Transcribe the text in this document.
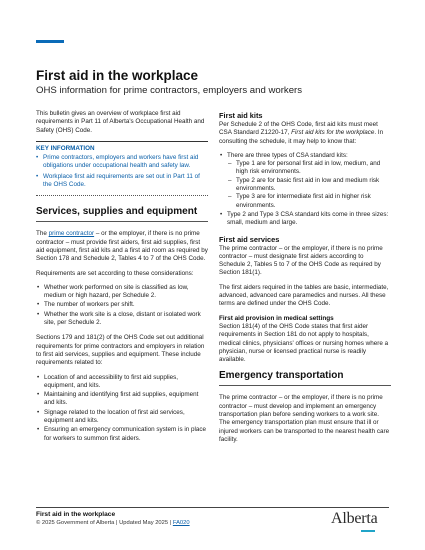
First aid in the workplace
OHS information for prime contractors, employers and workers

This bulletin gives an overview of workplace first aid requirements in Part 11 of Alberta's Occupational Health and Safety (OHS) Code.

KEY INFORMATION
• Prime contractors, employers and workers have first aid obligations under occupational health and safety law.
• Workplace first aid requirements are set out in Part 11 of the OHS Code.
Services, supplies and equipment

The prime contractor – or the employer, if there is no prime contractor – must provide first aiders, first aid supplies, first aid equipment, first aid kits and a first aid room as required by Section 178 and Schedule 2, Tables 4 to 7 of the OHS Code.

Requirements are set according to these considerations:

• Whether work performed on site is classified as low, medium or high hazard, per Schedule 2.
• The number of workers per shift.
• Whether the work site is a close, distant or isolated work site, per Schedule 2.

Sections 179 and 181(2) of the OHS Code set out additional requirements for prime contractors and employers in relation to first aid services, supplies and equipment. These include requirements related to:

• Location of and accessibility to first aid supplies, equipment, and kits.
• Maintaining and identifying first aid supplies, equipment and kits.
• Signage related to the location of first aid services, equipment and kits.
• Ensuring an emergency communication system is in place for workers to summon first aiders.
First aid kits

Per Schedule 2 of the OHS Code, first aid kits must meet CSA Standard Z1220-17, First aid kits for the workplace. In consulting the schedule, it may help to know that:

• There are three types of CSA standard kits:
– Type 1 are for personal first aid in low, medium, and high risk environments.
– Type 2 are for basic first aid in low and medium risk environments.
– Type 3 are for intermediate first aid in higher risk environments.
• Type 2 and Type 3 CSA standard kits come in three sizes: small, medium and large.
First aid services

The prime contractor – or the employer, if there is no prime contractor – must designate first aiders according to Schedule 2, Tables 5 to 7 of the OHS Code as required by Section 181(1).

The first aiders required in the tables are basic, intermediate, advanced, advanced care paramedics and nurses. All these terms are defined under the OHS Code.

First aid provision in medical settings

Section 181(4) of the OHS Code states that first aider requirements in Section 181 do not apply to hospitals, medical clinics, physicians' offices or nursing homes where a physician, nurse or licensed practical nurse is readily available.

Emergency transportation

The prime contractor – or the employer, if there is no prime contractor – must develop and implement an emergency transportation plan before sending workers to a work site. The emergency transportation plan must ensure that ill or injured workers can be transported to the nearest health care facility.

First aid in the workplace
© 2025 Government of Alberta | Updated May 2025 | FA020	Alberta
